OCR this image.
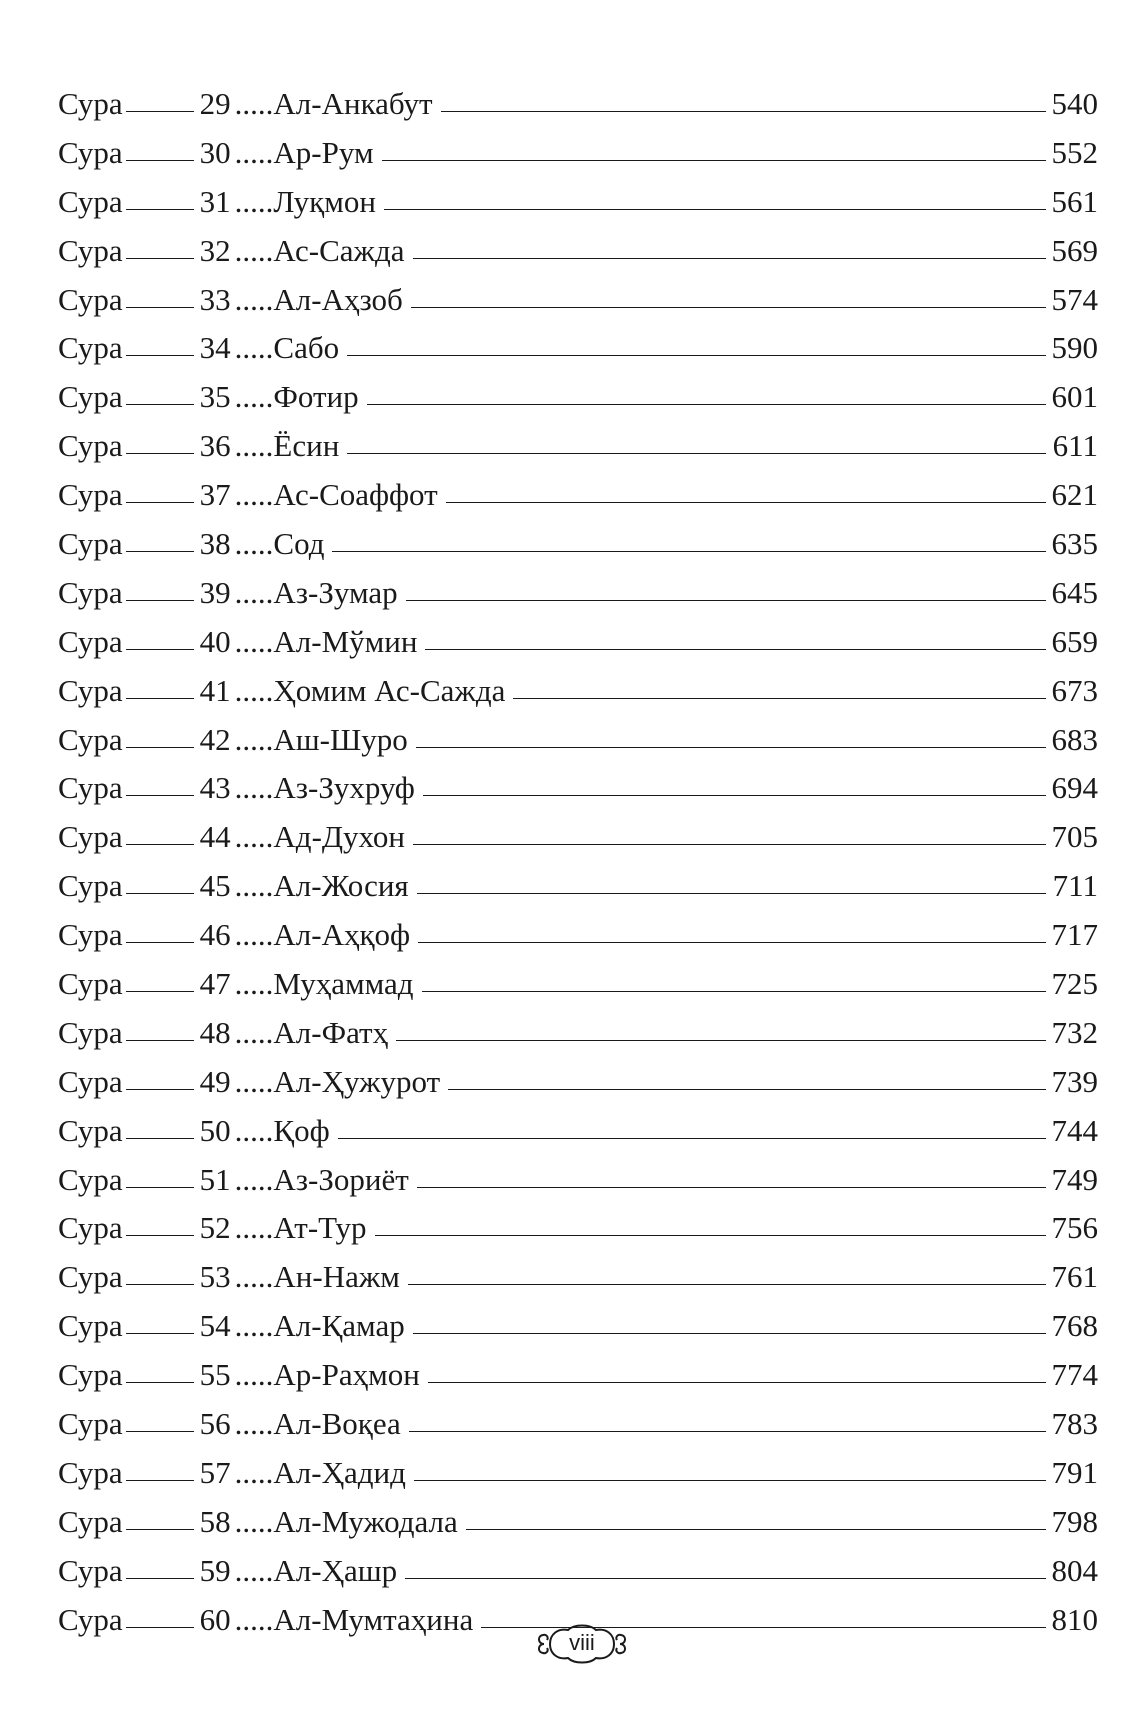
Сура 29 ..... Ал-Анкабут	540
Сура 30 ..... Ар-Рум	552
Сура 31 ..... Луқмон	561
Сура 32 ..... Ас-Сажда	569
Сура 33 ..... Ал-Аҳзоб	574
Сура 34 ..... Сабо	590
Сура 35 ..... Фотир	601
Сура 36 ..... Ёсин	611
Сура 37 ..... Ас-Соаффот	621
Сура 38 ..... Сод	635
Сура 39 ..... Аз-Зумар	645
Сура 40 ..... Ал-Мўмин	659
Сура 41 ..... Ҳомим Ас-Сажда	673
Сура 42 ..... Аш-Шуро	683
Сура 43 ..... Аз-Зухруф	694
Сура 44 ..... Ад-Духон	705
Сура 45 ..... Ал-Жосия	711
Сура 46 ..... Ал-Аҳқоф	717
Сура 47 ..... Муҳаммад	725
Сура 48 ..... Ал-Фатҳ	732
Сура 49 ..... Ал-Ҳужурот	739
Сура 50 ..... Қоф	744
Сура 51 ..... Аз-Зориёт	749
Сура 52 ..... Ат-Тур	756
Сура 53 ..... Ан-Нажм	761
Сура 54 ..... Ал-Қамар	768
Сура 55 ..... Ар-Раҳмон	774
Сура 56 ..... Ал-Воқеа	783
Сура 57 ..... Ал-Ҳадид	791
Сура 58 ..... Ал-Мужодала	798
Сура 59 ..... Ал-Ҳашр	804
Сура 60 ..... Ал-Мумтаҳина	810
viii
